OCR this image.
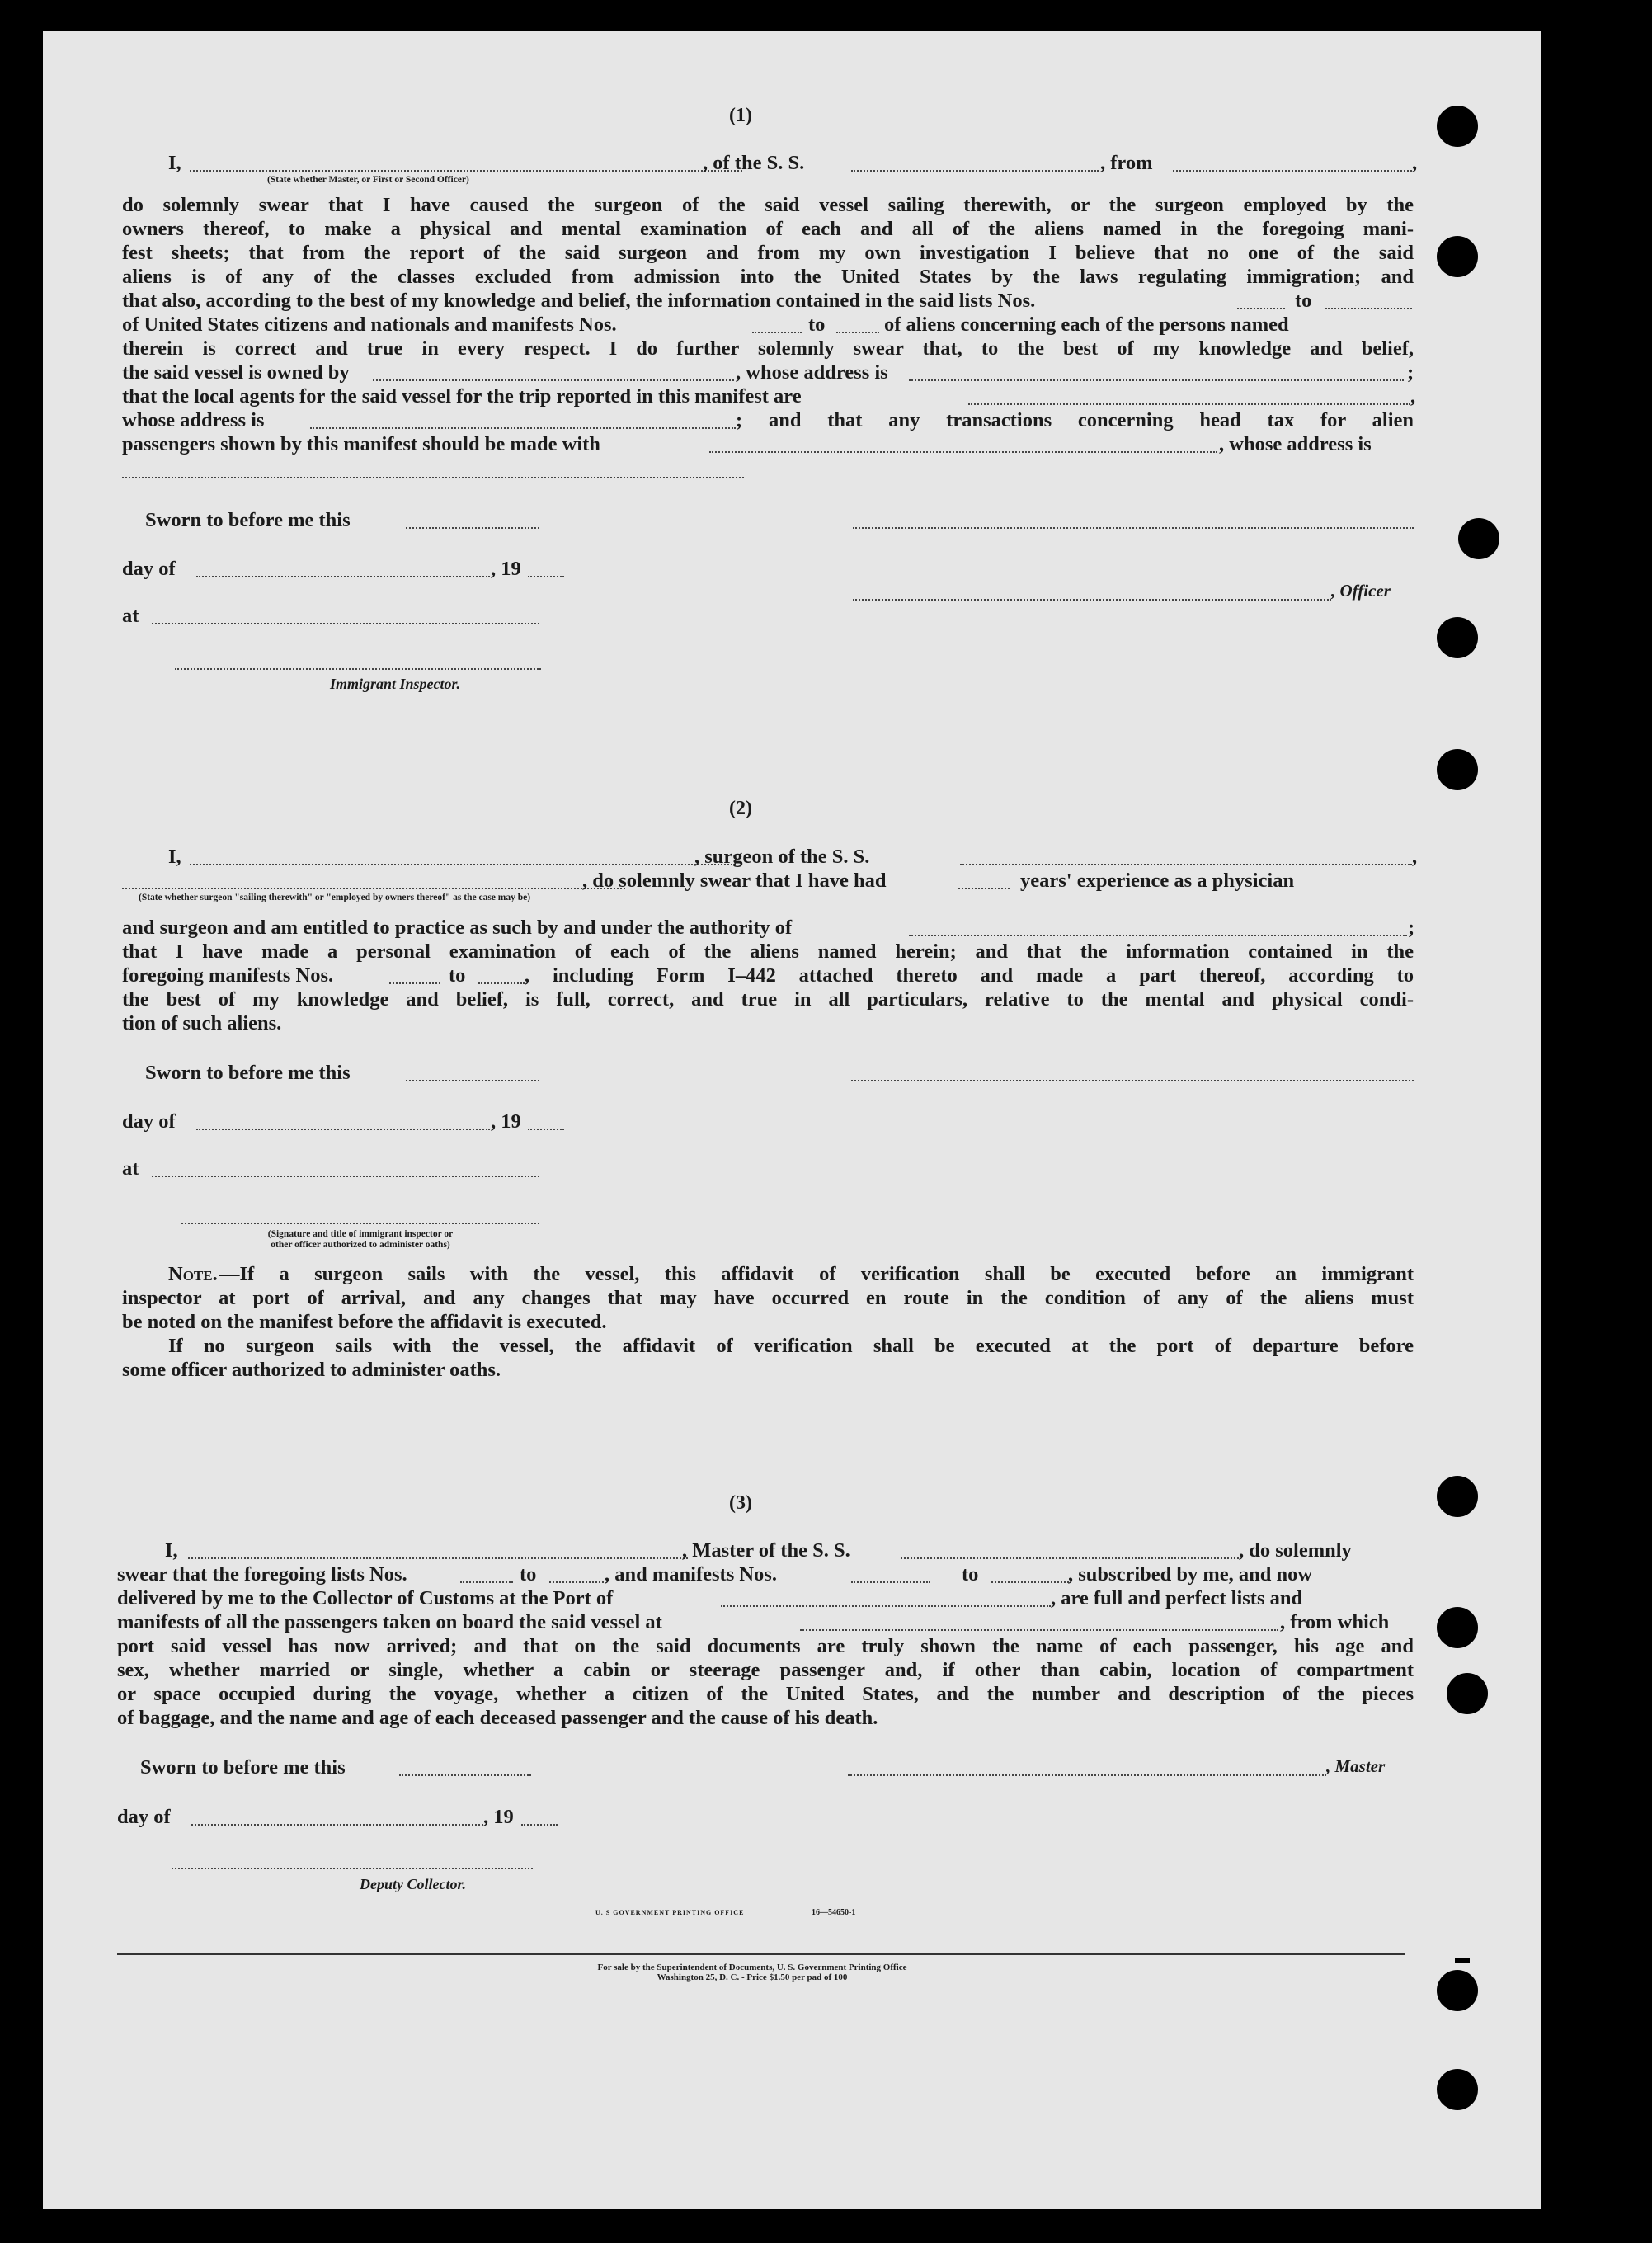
(1)
I,	, of the S. S.	, from	,
(State whether Master, or First or Second Officer)
do solemnly swear that I have caused the surgeon of the said vessel sailing therewith, or the surgeon employed by the
owners thereof, to make a physical and mental examination of each and all of the aliens named in the foregoing mani-
fest sheets; that from the report of the said surgeon and from my own investigation I believe that no one of the said
aliens is of any of the classes excluded from admission into the United States by the laws regulating immigration; and
that also, according to the best of my knowledge and belief, the information contained in the said lists Nos.	to
of United States citizens and nationals and manifests Nos.	to	of aliens concerning each of the persons named
therein is correct and true in every respect. I do further solemnly swear that, to the best of my knowledge and belief,
the said vessel is owned by	, whose address is	;
that the local agents for the said vessel for the trip reported in this manifest are	,
whose address is	; and that any transactions concerning head tax for alien
passengers shown by this manifest should be made with	, whose address is
Sworn to before me this
day of	, 19
, Officer
at
Immigrant Inspector.
(2)
I,	, surgeon of the S. S.	,
, do solemnly swear that I have had	years' experience as a physician
(State whether surgeon "sailing therewith" or "employed by owners thereof" as the case may be)
and surgeon and am entitled to practice as such by and under the authority of	;
that I have made a personal examination of each of the aliens named herein; and that the information contained in the
foregoing manifests Nos.	to	, including Form I–442 attached thereto and made a part thereof, according to
the best of my knowledge and belief, is full, correct, and true in all particulars, relative to the mental and physical condi-
tion of such aliens.
Sworn to before me this
day of	, 19
at
(Signature and title of immigrant inspector or
other officer authorized to administer oaths)
Note. —If a surgeon sails with the vessel, this affidavit of verification shall be executed before an immigrant
inspector at port of arrival, and any changes that may have occurred en route in the condition of any of the aliens must
be noted on the manifest before the affidavit is executed.
If no surgeon sails with the vessel, the affidavit of verification shall be executed at the port of departure before
some officer authorized to administer oaths.
(3)
I,	, Master of the S. S.	, do solemnly
swear that the foregoing lists Nos.	to	, and manifests Nos.	to	, subscribed by me, and now
delivered by me to the Collector of Customs at the Port of	, are full and perfect lists and
manifests of all the passengers taken on board the said vessel at	, from which
port said vessel has now arrived; and that on the said documents are truly shown the name of each passenger, his age and
sex, whether married or single, whether a cabin or steerage passenger and, if other than cabin, location of compartment
or space occupied during the voyage, whether a citizen of the United States, and the number and description of the pieces
of baggage, and the name and age of each deceased passenger and the cause of his death.
Sworn to before me this	, Master
day of	, 19
Deputy Collector.
U. S GOVERNMENT PRINTING OFFICE	16—54650-1
For sale by the Superintendent of Documents, U. S. Government Printing Office
Washington 25, D. C. - Price $1.50 per pad of 100
